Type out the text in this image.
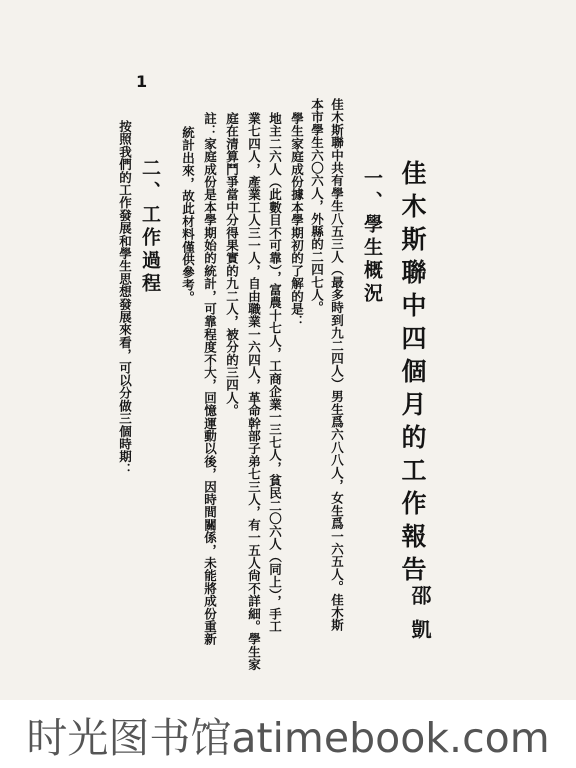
1
佳木斯聯中四個月的工作報告
邵凱
一、學生概況
佳木斯聯中共有學生八五三人（最多時到九二四人）男生爲六八八人，女生爲一六五人。佳木斯
本市學生六〇六人，外縣的二四七人。
學生家庭成份據本學期初的了解的是：
地主二六人（此數目不可靠），富農十七人，工商企業一三七人，貧民二〇六人（同上），手工
業七四人，產業工人三一人，自由職業一六四人，革命幹部子弟七三人，有一五人尙不詳細。學生家
庭在清算鬥爭當中分得果實的九二人，被分的三四人。
註：家庭成份是本學期始的統計，可靠程度不大，回憶運動以後，因時間關係，未能將成份重新
統計出來，故此材料僅供參考。
二、工作過程
按照我們的工作發展和學生思想發展來看，可以分做三個時期：
时光图书馆atimebook.com
